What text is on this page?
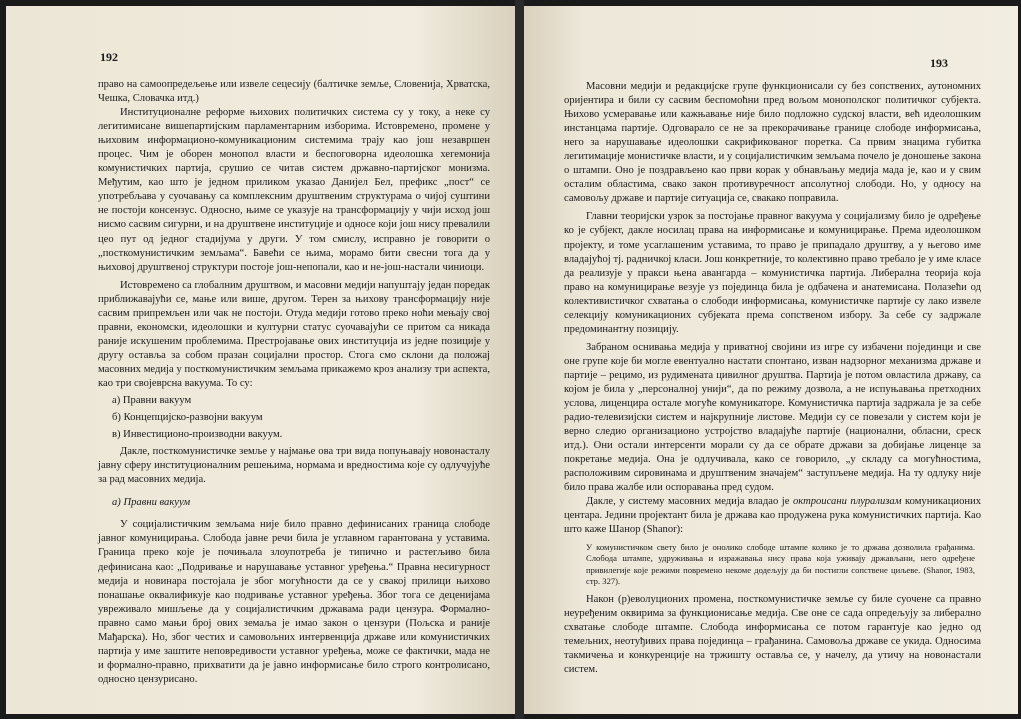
192

право на самоопредељење или извеле сецесију (балтичке земље, Словенија, Хрватска, Чешка, Словачка итд.)

Институционалне реформе њихових политичких система су у току, а неке су легитимисане вишепартијским парламентарним изборима. Истовремено, промене у њиховим информационо-комуникационим системима трају као још незавршен процес. Чим је оборен монопол власти и беспоговорна идеолошка хегемонија комунистичких партија, срушио се читав систем државно-партијског монизма. Међутим, као што је једном приликом указао Данијел Бел, префикс „пост“ се употребљава у суочавању са комплексним друштвеним структурама о чијој суштини не постоји консензус. Односно, њиме се указује на трансформацију у чији исход још нисмо сасвим сигурни, и на друштвене институције и односе који још нису превалили цео пут од једног стадијума у други. У том смислу, исправно је говорити о „посткомунистичким земљама“. Бавећи се њима, морамо бити свесни тога да у њиховој друштвеној структури постоје још-непопали, као и не-још-настали чиниоци.

Истовремено са глобалним друштвом, и масовни медији напуштају један поредак приближавајући се, мање или више, другом. Терен за њихову трансформацију није сасвим припремљен или чак не постоји. Отуда медији готово преко ноћи мењају свој правни, економски, идеолошки и културни статус суочавајући се притом са никада раније искушеним проблемима. Престројавање ових институција из једне позиције у другу оставља за собом празан социјални простор. Стога смо склони да положај масовних медија у посткомунистичким земљама прикажемо кроз анализу три аспекта, као три својеврсна вакуума. То су:

а) Правни вакуум

б) Концепцијско-развојни вакуум

в) Инвестиционо-производни вакуум.

Дакле, посткомунистичке земље у најмање ова три вида попуњавају новонасталу јавну сферу институционалним решењима, нормама и вредностима које су одлучујуће за рад масовних медија.

а) Правни вакуум

У социјалистичким земљама није било правно дефинисаних граница слободе јавног комуницирања. Слобода јавне речи била је углавном гарантована у уставима. Граница преко које је почињала злоупотреба је типично и растегљиво била дефинисана као: „Подривање и нарушавање уставног уређења.“ Правна несигурност медија и новинара постојала је због могућности да се у свакој прилици њихово понашање оквалификује као подривање уставног уређења. Због тога се деценијама увреживало мишљење да у социјалистичким државама ради цензура. Формално-правно само мањи број ових земаља је имао закон о цензури (Пољска и раније Мађарска). Но, због честих и самовољних интервенција државе или комунистичких партија у име заштите неповредивости уставног уређења, може се фактички, мада не и формално-правно, прихватити да је јавно информисање било строго контролисано, односно цензурисано.

193

Масовни медији и редакцијске групе функционисали су без сопствених, аутономних оријентира и били су сасвим беспомоћни пред вољом монополског политичког субјекта. Њихово усмеравање или кажњавање није било подложно судској власти, већ идеолошким инстанцама партије. Одговарало се не за прекорачивање границе слободе информисања, него за нарушавање идеолошки сакрификованог поретка. Са првим знацима губитка легитимације монистичке власти, и у социјалистичким земљама почело је доношење закона о штампи. Оно је поздрављено као први корак у обнављању медија мада је, као и у свим осталим областима, свако закон противуречност апсолутној слободи. Но, у односу на самовољу државе и партије ситуација се, свакако поправила.

Главни теоријски узрок за постојање правног вакуума у социјализму било је одређење ко је субјект, дакле носилац права на информисање и комуницирање. Према идеолошком пројекту, и томе усаглашеним уставима, то право је припадало друштву, а у његово име владајућој тј. радничкој класи. Још конкретније, то колективно право требало је у име класе да реализује у пракси њена авангарда – комунистичка партија. Либерална теорија која право на комуницирање везује уз појединца била је одбачена и анатемисана. Полазећи од колективистичког схватања о слободи информисања, комунистичке партије су лако извеле селекцију комуникационих субјеката према сопственом избору. За себе су задржале предоминантну позицију.

Забраном оснивања медија у приватној својини из игре су избачени појединци и све оне групе које би могле евентуално настати спонтано, изван надзорног механизма државе и партије – рецимо, из рудимената цивилног друштва. Партија је потом овластила државу, са којом је била у „персоналној унији“, да по режиму дозвола, а не испуњавања претходних услова, лиценцира остале могуће комуникаторе. Комунистичка партија задржала је за себе радио-телевизијски систем и најкрупније листове. Медији су се повезали у систем који је верно следио организационо устројство владајуће партије (национални, обласни, среск итд.). Они остали интерсенти морали су да се обрате држави за добијање лиценце за покретање медија. Она је одлучивала, како се говорило, „у складу са могућностима, расположивим сировинама и друштвеним значајем“ заступљене медија. На ту одлуку није било права жалбе или оспоравања пред судом.

Дакле, у систему масовних медија владао је октроисани плурализам комуникационих центара. Једини пројектант била је држава као продужена рука комунистичких партија. Као што каже Шанор (Shanor):

У комунистичком свету било је онолико слободе штампе колико је то држава дозволила грађанима. Слобода штампе, удруживања и изражавања нису права која уживају држављани, него одређене привилегије које режими повремено некоме додељују да би постигли сопствене циљеве. (Shanor, 1983, стр. 327).

Након (р)еволуционих промена, посткомунистичке земље су биле суочене са правно неуређеним оквирима за функционисање медија. Све оне се сада опредељују за либерално схватање слободе штампе. Слобода информисања се потом гарантује као једно од темељних, неотуђивих права појединца – грађанина. Самовоља државе се укида. Односима такмичења и конкуренције на тржишту оставља се, у начелу, да утичу на новонастали систем.
